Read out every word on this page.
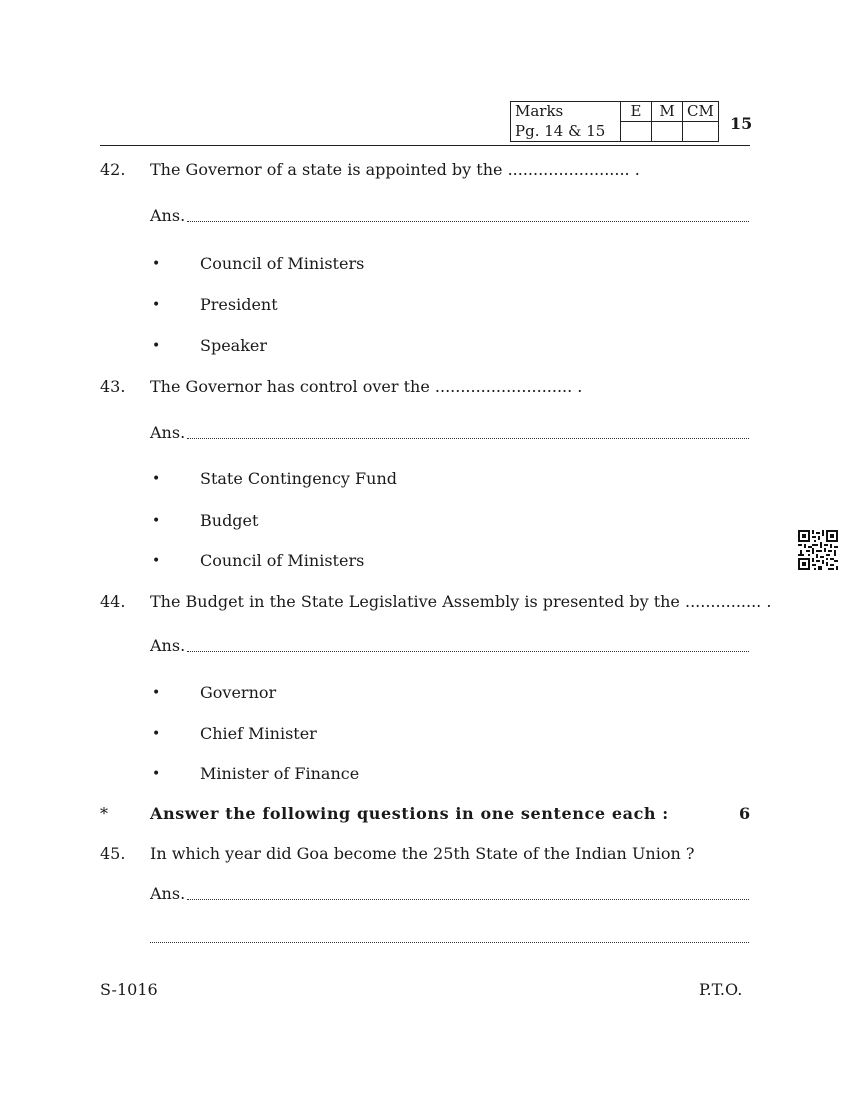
Marks	E	M	CM
Pg. 14 & 15				15
42. The Governor of a state is appointed by the ........................ .
Ans.
• Council of Ministers
• President
• Speaker
43. The Governor has control over the ........................... .
Ans.
• State Contingency Fund
• Budget
• Council of Ministers
44. The Budget in the State Legislative Assembly is presented by the ............... .
Ans.
• Governor
• Chief Minister
• Minister of Finance
*	Answer the following questions in one sentence each :	6
45. In which year did Goa become the 25th State of the Indian Union ?
Ans.
S-1016	P.T.O.
